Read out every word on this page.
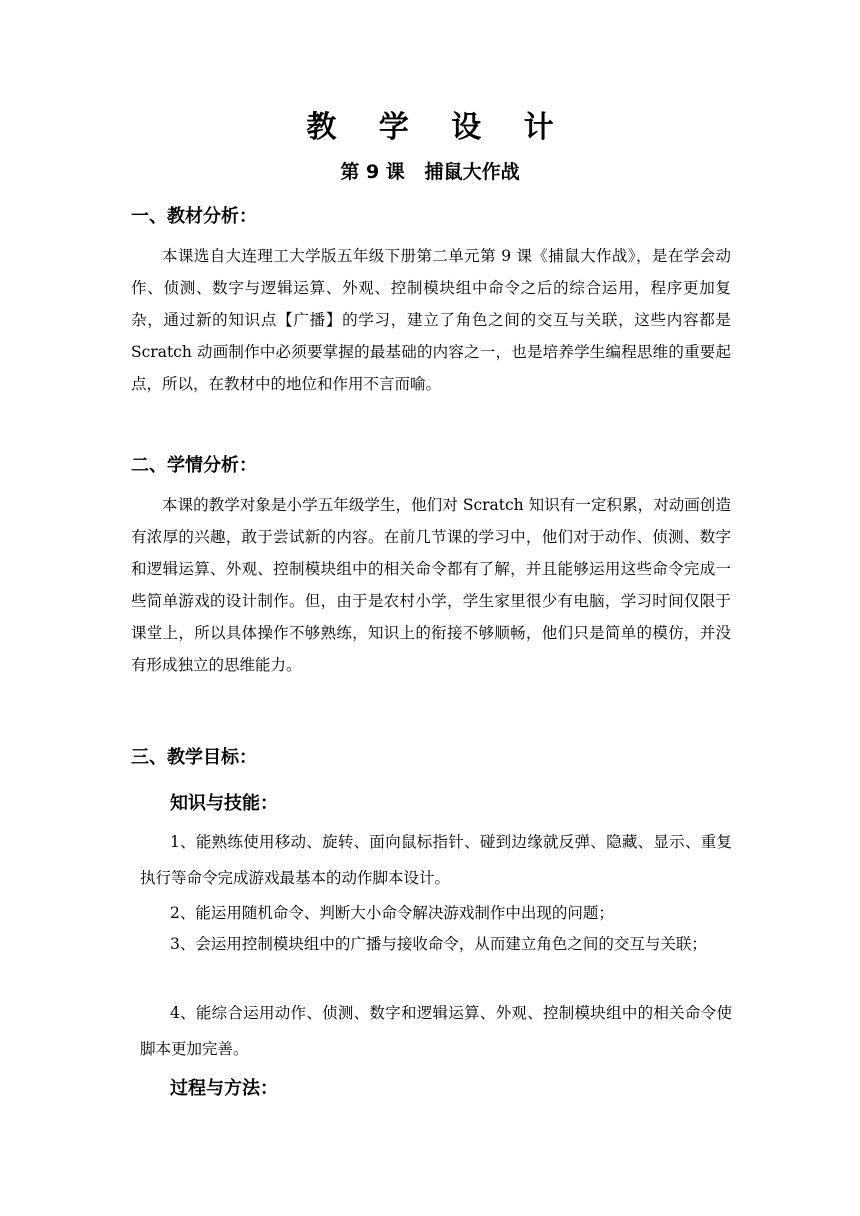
教 学 设 计
第 9 课   捕鼠大作战
一、教材分析：

本课选自大连理工大学版五年级下册第二单元第 9 课《捕鼠大作战》，是在学会动作、侦测、数字与逻辑运算、外观、控制模块组中命令之后的综合运用，程序更加复杂，通过新的知识点【广播】的学习，建立了角色之间的交互与关联，这些内容都是 Scratch 动画制作中必须要掌握的最基础的内容之一，也是培养学生编程思维的重要起点，所以，在教材中的地位和作用不言而喻。

二、学情分析：

本课的教学对象是小学五年级学生，他们对 Scratch 知识有一定积累，对动画创造有浓厚的兴趣，敢于尝试新的内容。在前几节课的学习中，他们对于动作、侦测、数字和逻辑运算、外观、控制模块组中的相关命令都有了解，并且能够运用这些命令完成一些简单游戏的设计制作。但，由于是农村小学，学生家里很少有电脑，学习时间仅限于课堂上，所以具体操作不够熟练，知识上的衔接不够顺畅，他们只是简单的模仿，并没有形成独立的思维能力。

三、教学目标：
知识与技能：

1、能熟练使用移动、旋转、面向鼠标指针、碰到边缘就反弹、隐藏、显示、重复执行等命令完成游戏最基本的动作脚本设计。

2、能运用随机命令、判断大小命令解决游戏制作中出现的问题；

3、会运用控制模块组中的广播与接收命令，从而建立角色之间的交互与关联；

4、能综合运用动作、侦测、数字和逻辑运算、外观、控制模块组中的相关命令使脚本更加完善。

过程与方法：
